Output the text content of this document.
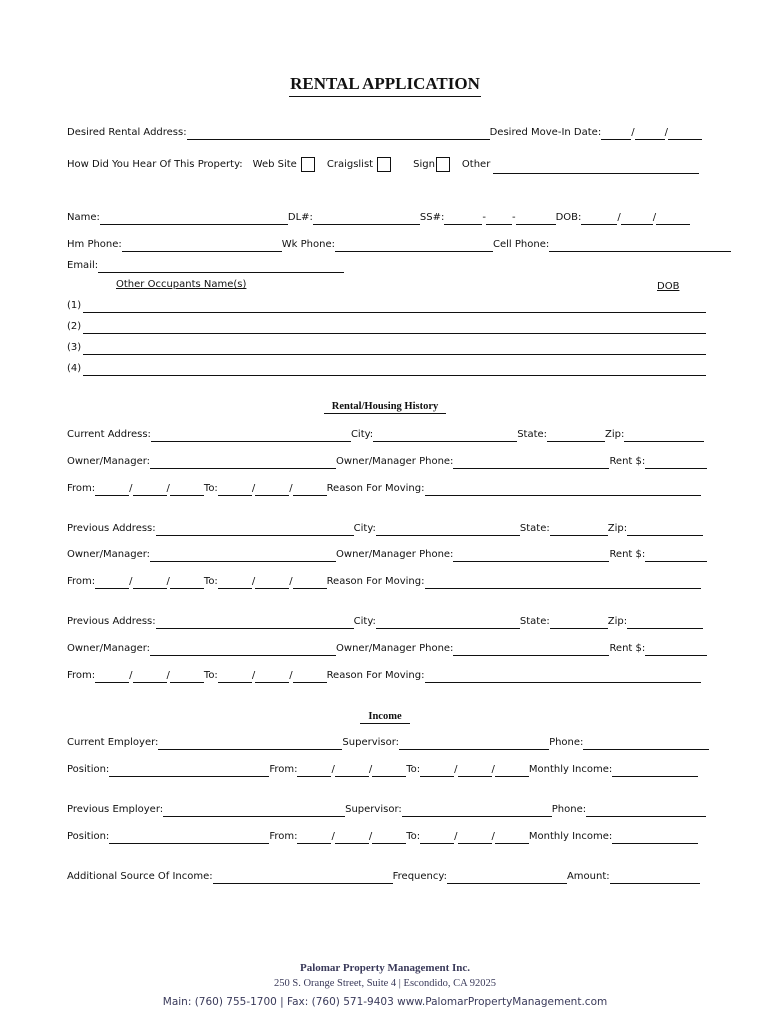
RENTAL APPLICATION
Desired Rental Address:	Desired Move-In Date:	/	/
How Did You Hear Of This Property: Web Site	Craigslist	Sign	Other
Name:	DL#:	SS#:	-	-	DOB:	/	/
Hm Phone:	Wk Phone:	Cell Phone:
Email:
Other Occupants Name(s)	DOB
(1)
(2)
(3)
(4)
Rental/Housing History
Current Address:	City:	State:	Zip:
Owner/Manager:	Owner/Manager Phone:	Rent $:
From:	/	/	To:	/	/	Reason For Moving:
Previous Address:	City:	State:	Zip:
Owner/Manager:	Owner/Manager Phone:	Rent $:
From:	/	/	To:	/	/	Reason For Moving:
Previous Address:	City:	State:	Zip:
Owner/Manager:	Owner/Manager Phone:	Rent $:
From:	/	/	To:	/	/	Reason For Moving:
Income
Current Employer:	Supervisor:	Phone:
Position:	From:	/	/	To:	/	/	Monthly Income:
Previous Employer:	Supervisor:	Phone:
Position:	From:	/	/	To:	/	/	Monthly Income:
Additional Source Of Income:	Frequency:	Amount:
Palomar Property Management Inc.
250 S. Orange Street, Suite 4 | Escondido, CA 92025
Main: (760) 755-1700 | Fax: (760) 571-9403 www.PalomarPropertyManagement.com
